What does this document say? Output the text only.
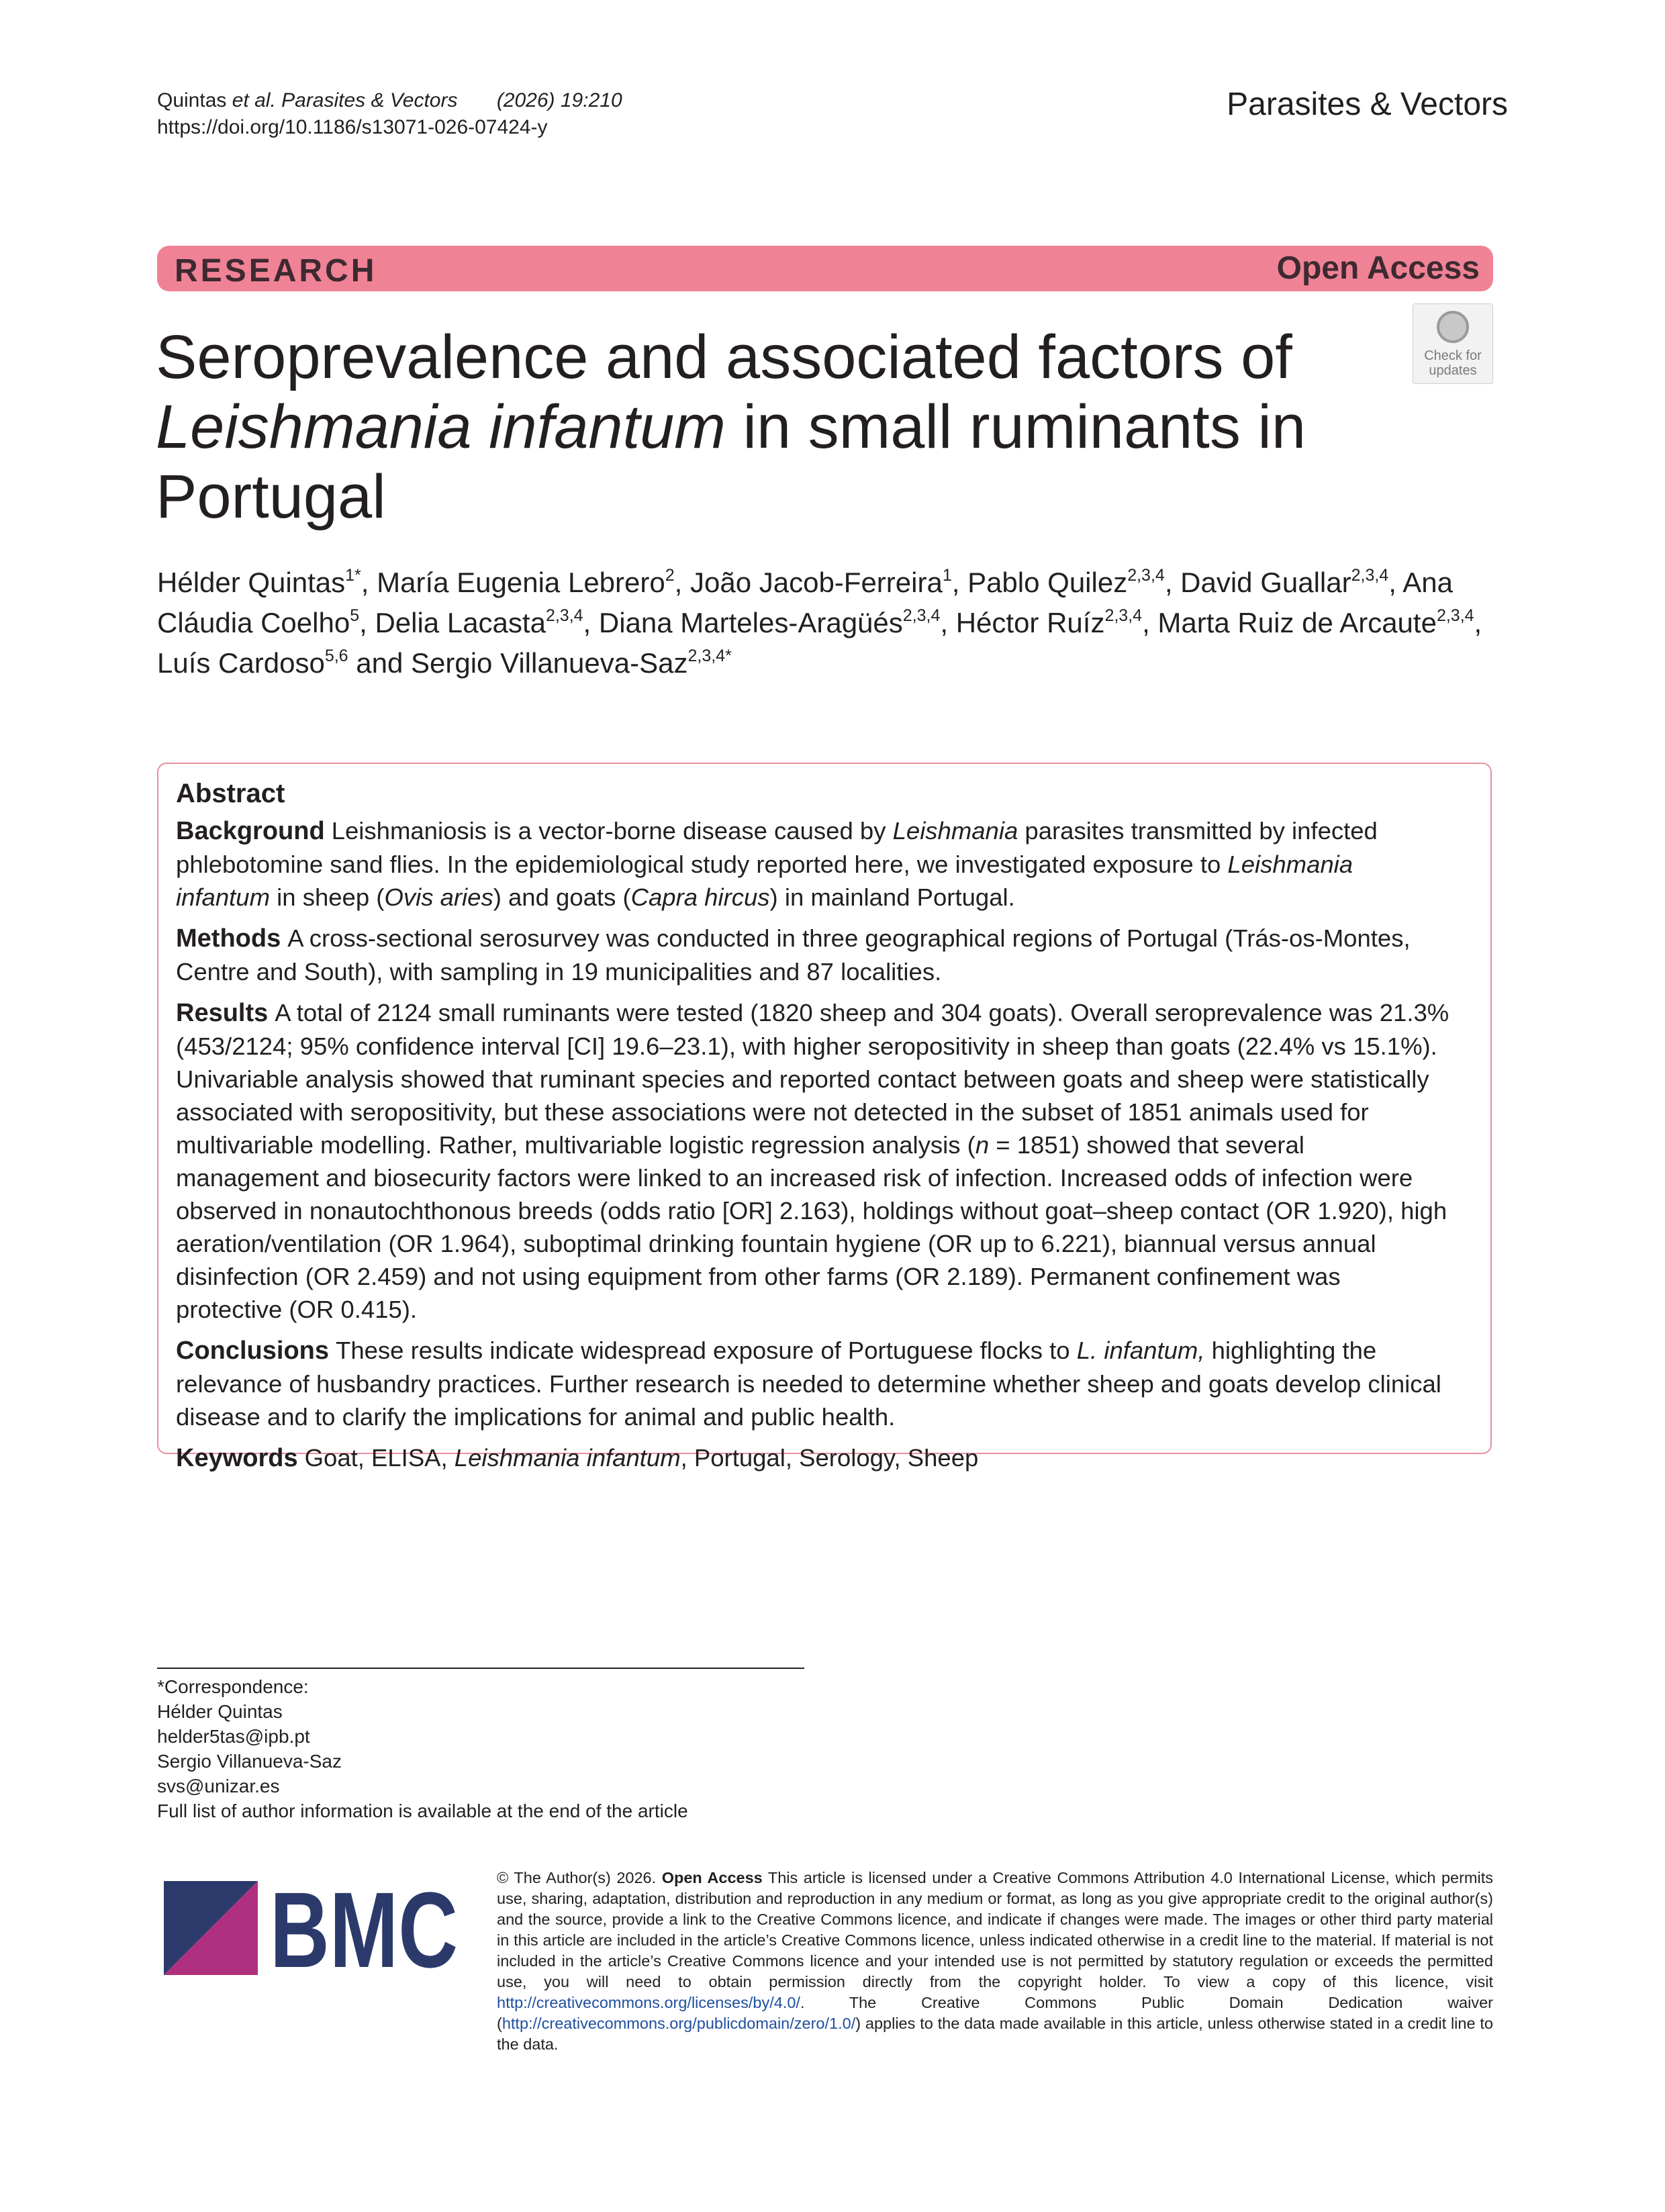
Quintas et al. Parasites & Vectors (2026) 19:210
https://doi.org/10.1186/s13071-026-07424-y
Parasites & Vectors
RESEARCH	Open Access
Check for updates
Seroprevalence and associated factors of Leishmania infantum in small ruminants in Portugal
Hélder Quintas$^{1*}$, María Eugenia Lebrero$^2$, João Jacob-Ferreira$^1$, Pablo Quilez$^{2,3,4}$, David Guallar$^{2,3,4}$, Ana Cláudia Coelho$^5$, Delia Lacasta$^{2,3,4}$, Diana Marteles-Aragüés$^{2,3,4}$, Héctor Ruíz$^{2,3,4}$, Marta Ruiz de Arcaute$^{2,3,4}$, Luís Cardoso$^{5,6}$ and Sergio Villanueva-Saz$^{2,3,4*}$
Abstract

Background Leishmaniosis is a vector-borne disease caused by Leishmania parasites transmitted by infected phlebotomine sand flies. In the epidemiological study reported here, we investigated exposure to Leishmania infantum in sheep (Ovis aries) and goats (Capra hircus) in mainland Portugal.

Methods A cross-sectional serosurvey was conducted in three geographical regions of Portugal (Trás-os-Montes, Centre and South), with sampling in 19 municipalities and 87 localities.

Results A total of 2124 small ruminants were tested (1820 sheep and 304 goats). Overall seroprevalence was 21.3% (453/2124; 95% confidence interval [CI] 19.6–23.1), with higher seropositivity in sheep than goats (22.4% vs 15.1%). Univariable analysis showed that ruminant species and reported contact between goats and sheep were statistically associated with seropositivity, but these associations were not detected in the subset of 1851 animals used for multivariable modelling. Rather, multivariable logistic regression analysis (n = 1851) showed that several management and biosecurity factors were linked to an increased risk of infection. Increased odds of infection were observed in nonautochthonous breeds (odds ratio [OR] 2.163), holdings without goat–sheep contact (OR 1.920), high aeration/ventilation (OR 1.964), suboptimal drinking fountain hygiene (OR up to 6.221), biannual versus annual disinfection (OR 2.459) and not using equipment from other farms (OR 2.189). Permanent confinement was protective (OR 0.415).

Conclusions These results indicate widespread exposure of Portuguese flocks to L. infantum, highlighting the relevance of husbandry practices. Further research is needed to determine whether sheep and goats develop clinical disease and to clarify the implications for animal and public health.

Keywords Goat, ELISA, Leishmania infantum, Portugal, Serology, Sheep

*Correspondence:
Hélder Quintas
helder5tas@ipb.pt
Sergio Villanueva-Saz
svs@unizar.es
Full list of author information is available at the end of the article
BMC © The Author(s) 2026. Open Access This article is licensed under a Creative Commons Attribution 4.0 International License, which permits use, sharing, adaptation, distribution and reproduction in any medium or format, as long as you give appropriate credit to the original author(s) and the source, provide a link to the Creative Commons licence, and indicate if changes were made. The images or other third party material in this article are included in the article’s Creative Commons licence, unless indicated otherwise in a credit line to the material. If material is not included in the article’s Creative Commons licence and your intended use is not permitted by statutory regulation or exceeds the permitted use, you will need to obtain permission directly from the copyright holder. To view a copy of this licence, visit http://creativecommons.org/licenses/by/4.0/. The Creative Commons Public Domain Dedication waiver (http://creativecommons.org/publicdomain/zero/1.0/) applies to the data made available in this article, unless otherwise stated in a credit line to the data.
